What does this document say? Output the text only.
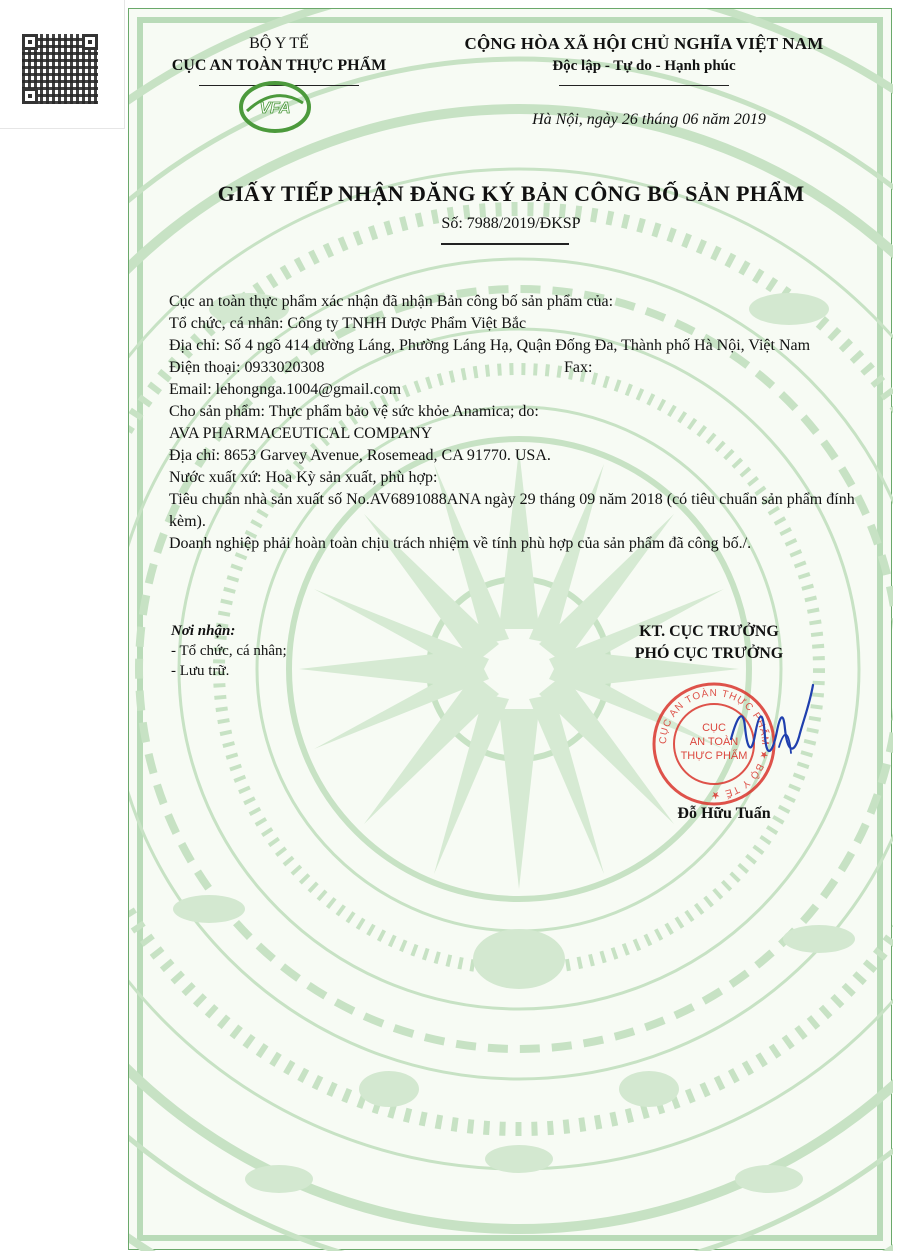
BỘ Y TẾ
CỤC AN TOÀN THỰC PHẨM
VFA
CỘNG HÒA XÃ HỘI CHỦ NGHĨA VIỆT NAM
Độc lập - Tự do - Hạnh phúc
Hà Nội, ngày 26 tháng 06 năm 2019
GIẤY TIẾP NHẬN ĐĂNG KÝ BẢN CÔNG BỐ SẢN PHẨM
Số: 7988/2019/ĐKSP

Cục an toàn thực phẩm xác nhận đã nhận Bản công bố sản phẩm của:

Tổ chức, cá nhân: Công ty TNHH Dược Phẩm Việt Bắc

Địa chỉ: Số 4 ngõ 414 đường Láng, Phường Láng Hạ, Quận Đống Đa, Thành phố Hà Nội, Việt Nam

Điện thoại: 0933020308	Fax:

Email: lehongnga.1004@gmail.com

Cho sản phẩm: Thực phẩm bảo vệ sức khỏe Anamica; do:

AVA PHARMACEUTICAL COMPANY

Địa chỉ: 8653 Garvey Avenue, Rosemead, CA 91770. USA.

Nước xuất xứ: Hoa Kỳ sản xuất, phù hợp:

Tiêu chuẩn nhà sản xuất số No.AV6891088ANA ngày 29 tháng 09 năm 2018 (có tiêu chuẩn sản phẩm đính kèm).

Doanh nghiệp phải hoàn toàn chịu trách nhiệm về tính phù hợp của sản phẩm đã công bố./.

Nơi nhận:
- Tổ chức, cá nhân;
- Lưu trữ.
KT. CỤC TRƯỞNG
PHÓ CỤC TRƯỞNG
CỤC AN TOÀN THỰC PHẨM ★ BỘ Y TẾ ★
CỤC
AN TOÀN
THỰC PHẨM
Đỗ Hữu Tuấn
